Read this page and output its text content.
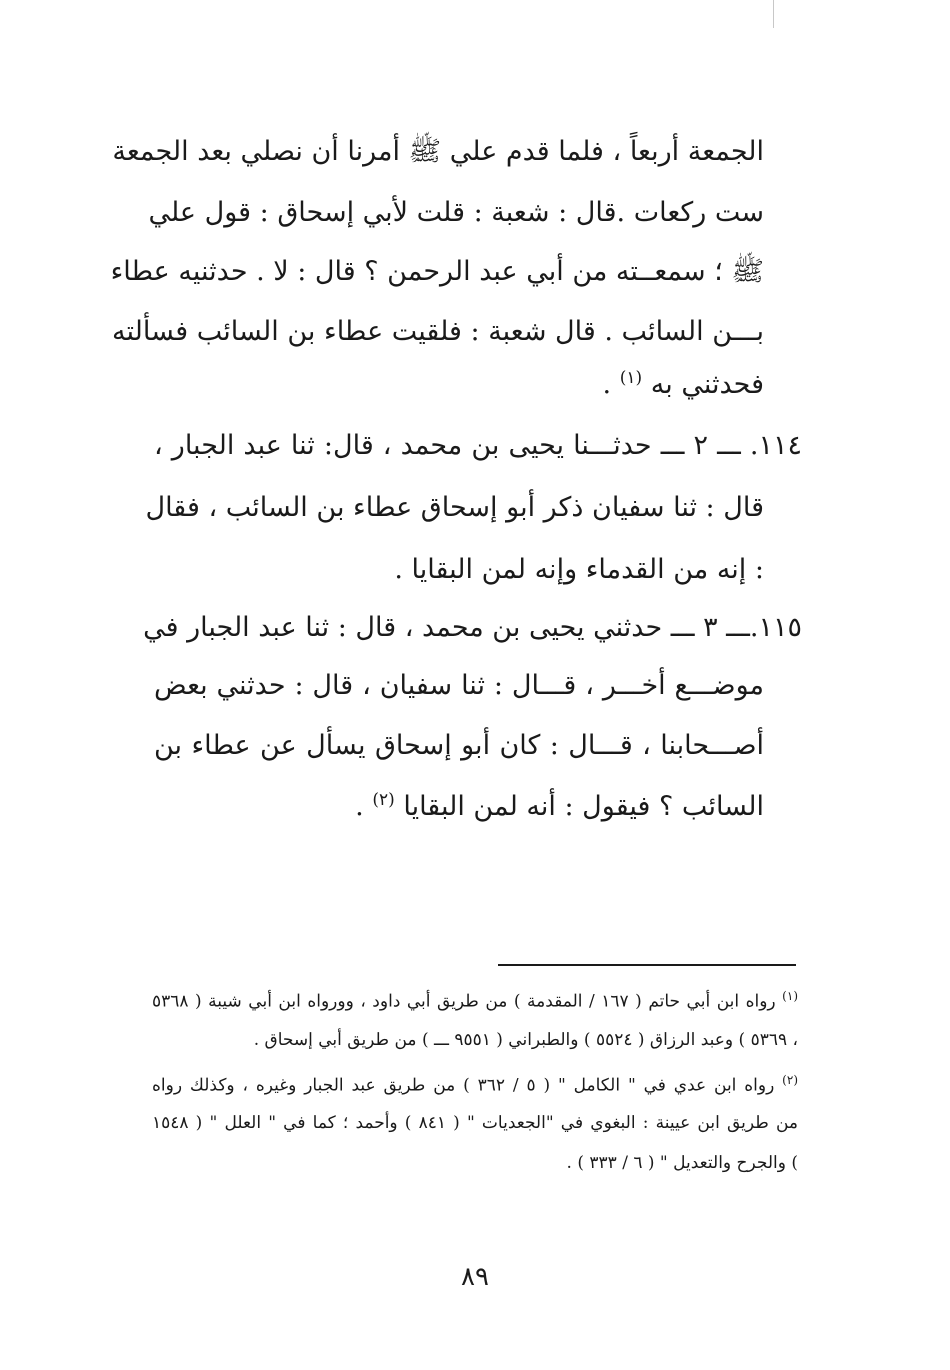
الجمعة أربعاً ، فلما قدم علي ﷺ أمرنا أن نصلي بعد الجمعة
ست ركعات .قال : شعبة : قلت لأبي إسحاق : قول علي
ﷺ ؛ سمعــته من أبي عبد الرحمن ؟ قال : لا . حدثنيه عطاء
بـــن السائب . قال شعبة : فلقيت عطاء بن السائب فسألته
فحدثني به $^{(١)}$ .
١١٤. ـــ ٢ ـــ حدثـــنا يحيى بن محمد ، قال: ثنا عبد الجبار ،
قال : ثنا سفيان ذكر أبو إسحاق عطاء بن السائب ، فقال
: إنه من القدماء وإنه لمن البقايا .
١١٥.ـــ ٣ ـــ حدثني يحيى بن محمد ، قال : ثنا عبد الجبار في
موضـــع أخـــر ، قـــال : ثنا سفيان ، قال : حدثني بعض
أصـــحابنا ، قـــال : كان أبو إسحاق يسأل عن عطاء بن
السائب ؟ فيقول : أنه لمن البقايا $^{(٢)}$ .
$^{(١)}$ رواه ابن أبي حاتم ( ١٦٧ / المقدمة ) من طريق أبي داود ، وورواه ابن أبي شيبة ( ٥٣٦٨
، ٥٣٦٩ ) وعبد الرزاق ( ٥٥٢٤ ) والطبراني ( ٩٥٥١ ـــ ) من طريق أبي إسحاق .
$^{(٢)}$ رواه ابن عدي في " الكامل " ( ٥ / ٣٦٢ ) من طريق عبد الجبار وغيره ، وكذلك رواه
من طريق ابن عيينة : البغوي في "الجعديات " ( ٨٤١ ) وأحمد ؛ كما في " العلل " ( ١٥٤٨
) والجرح والتعديل " ( ٦ / ٣٣٣ ) .
٨٩
